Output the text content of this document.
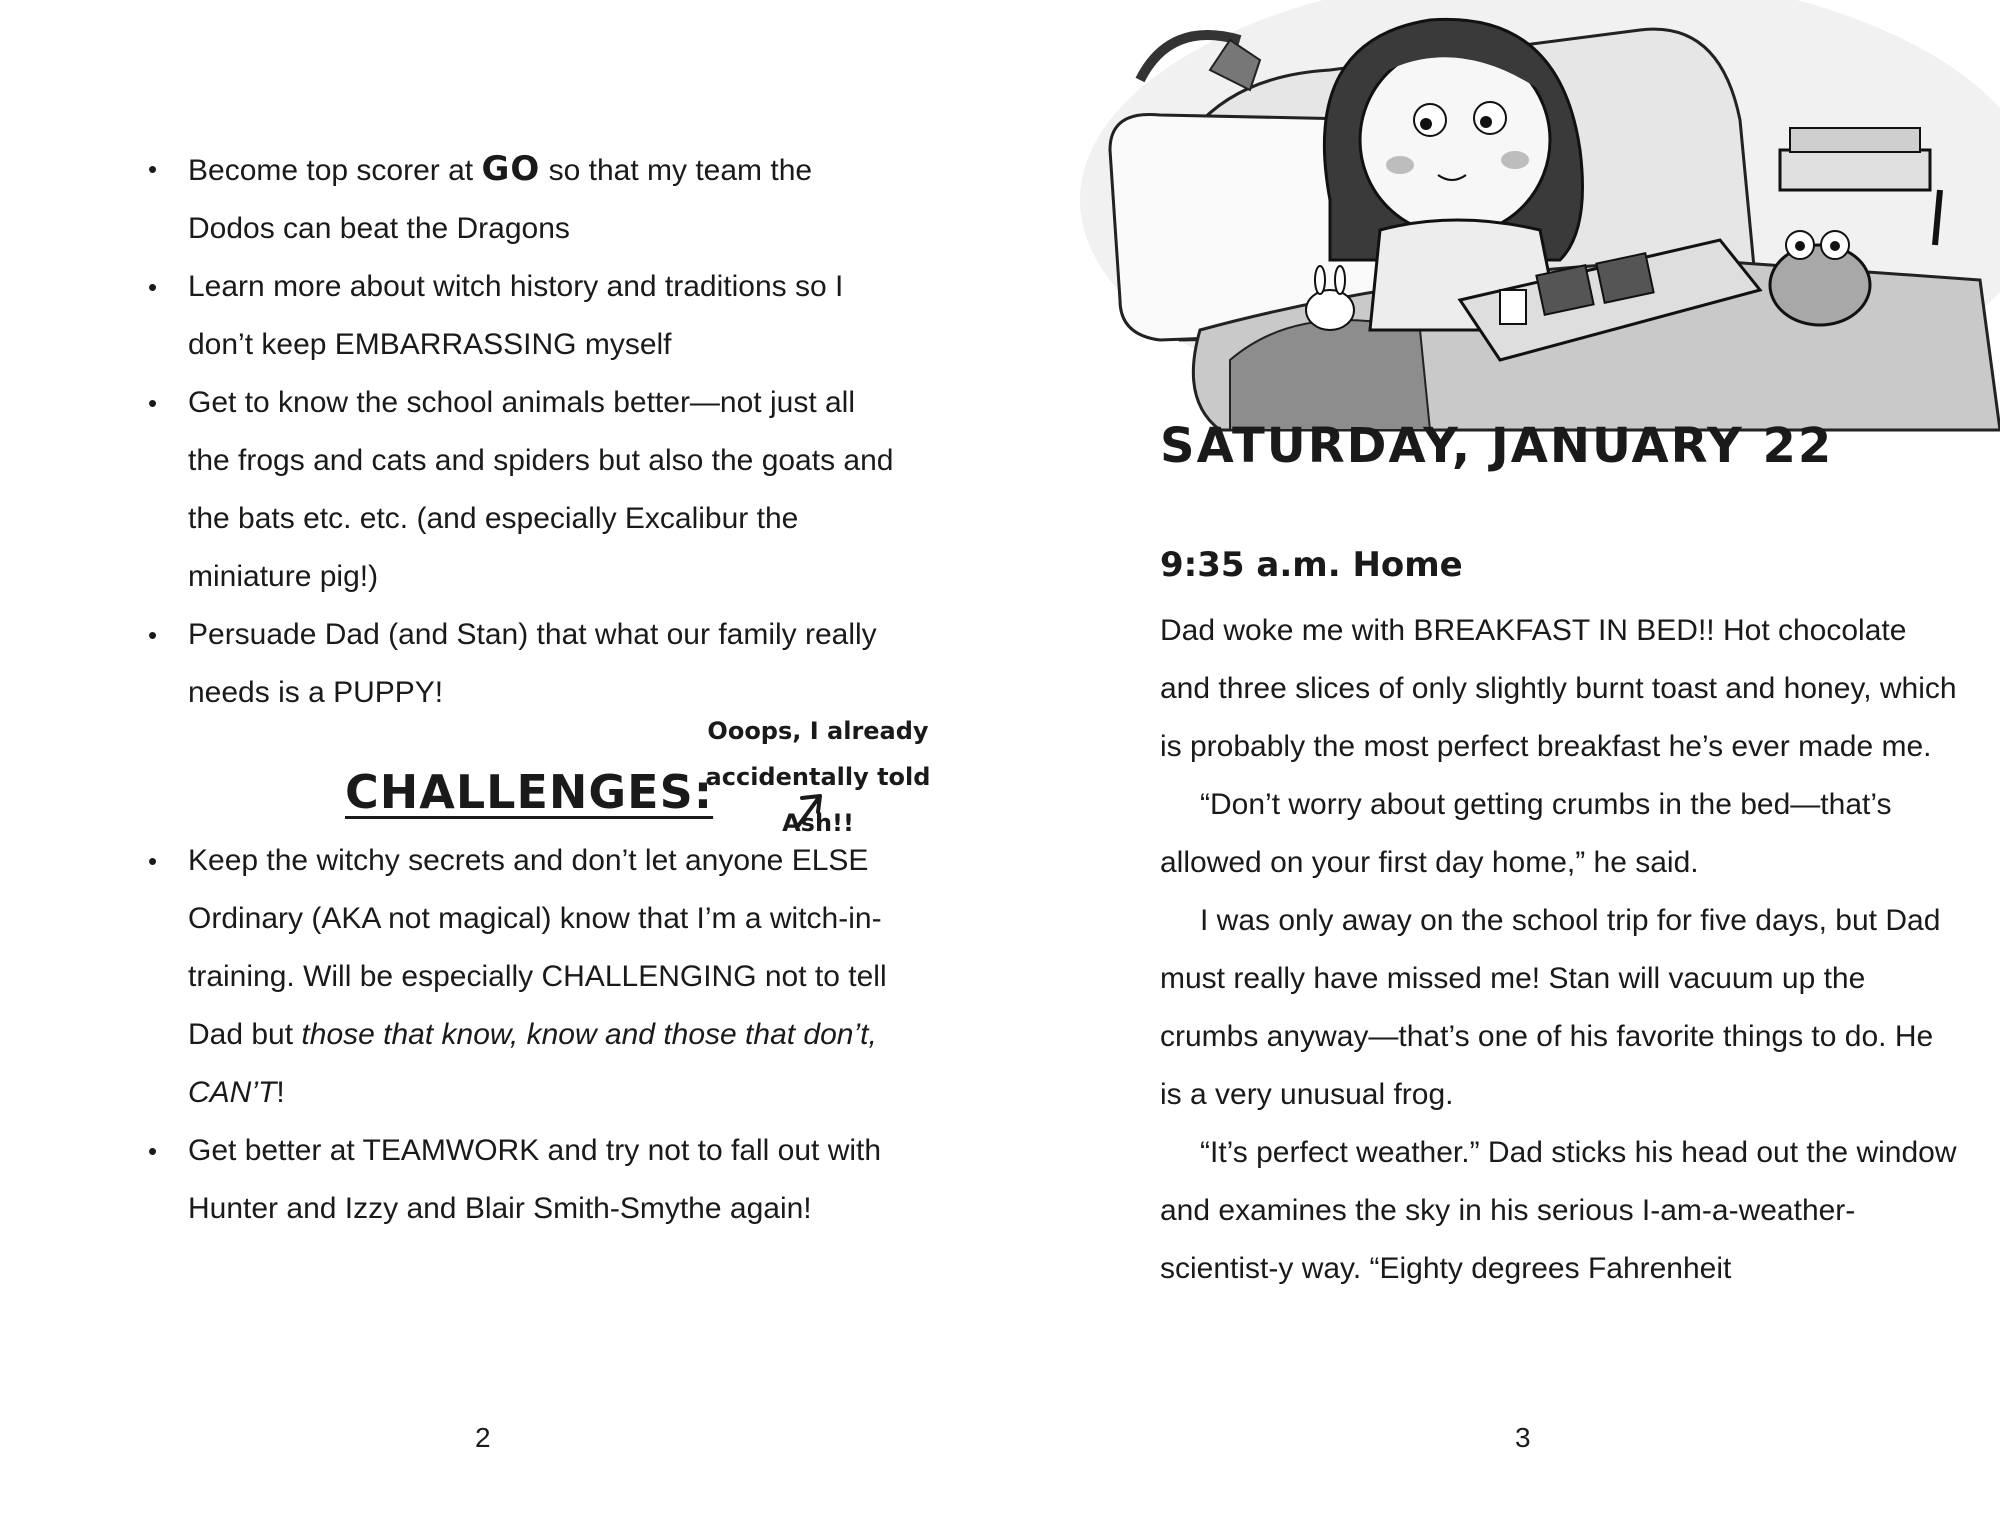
• Become top scorer at GO so that my team the Dodos can beat the Dragons
• Learn more about witch history and traditions so I don’t keep EMBARRASSING myself
• Get to know the school animals better—not just all the frogs and cats and spiders but also the goats and the bats etc. etc. (and especially Excalibur the miniature pig!)
• Persuade Dad (and Stan) that what our family really needs is a PUPPY!
CHALLENGES:
Ooops, I already accidentally told Ash!!
• Keep the witchy secrets and don’t let anyone ELSE Ordinary (AKA not magical) know that I’m a witch-in-training. Will be especially CHALLENGING not to tell Dad but those that know, know and those that don’t, CAN’T!
• Get better at TEAMWORK and try not to fall out with Hunter and Izzy and Blair Smith-Smythe again!
2
SATURDAY, JANUARY 22
9:35 a.m. Home

Dad woke me with BREAKFAST IN BED!! Hot chocolate and three slices of only slightly burnt toast and honey, which is probably the most perfect breakfast he’s ever made me.

“Don’t worry about getting crumbs in the bed—that’s allowed on your first day home,” he said.

I was only away on the school trip for five days, but Dad must really have missed me! Stan will vacuum up the crumbs anyway—that’s one of his favorite things to do. He is a very unusual frog.

“It’s perfect weather.” Dad sticks his head out the window and examines the sky in his serious I-am-a-weather-scientist-y way. “Eighty degrees Fahrenheit

3
